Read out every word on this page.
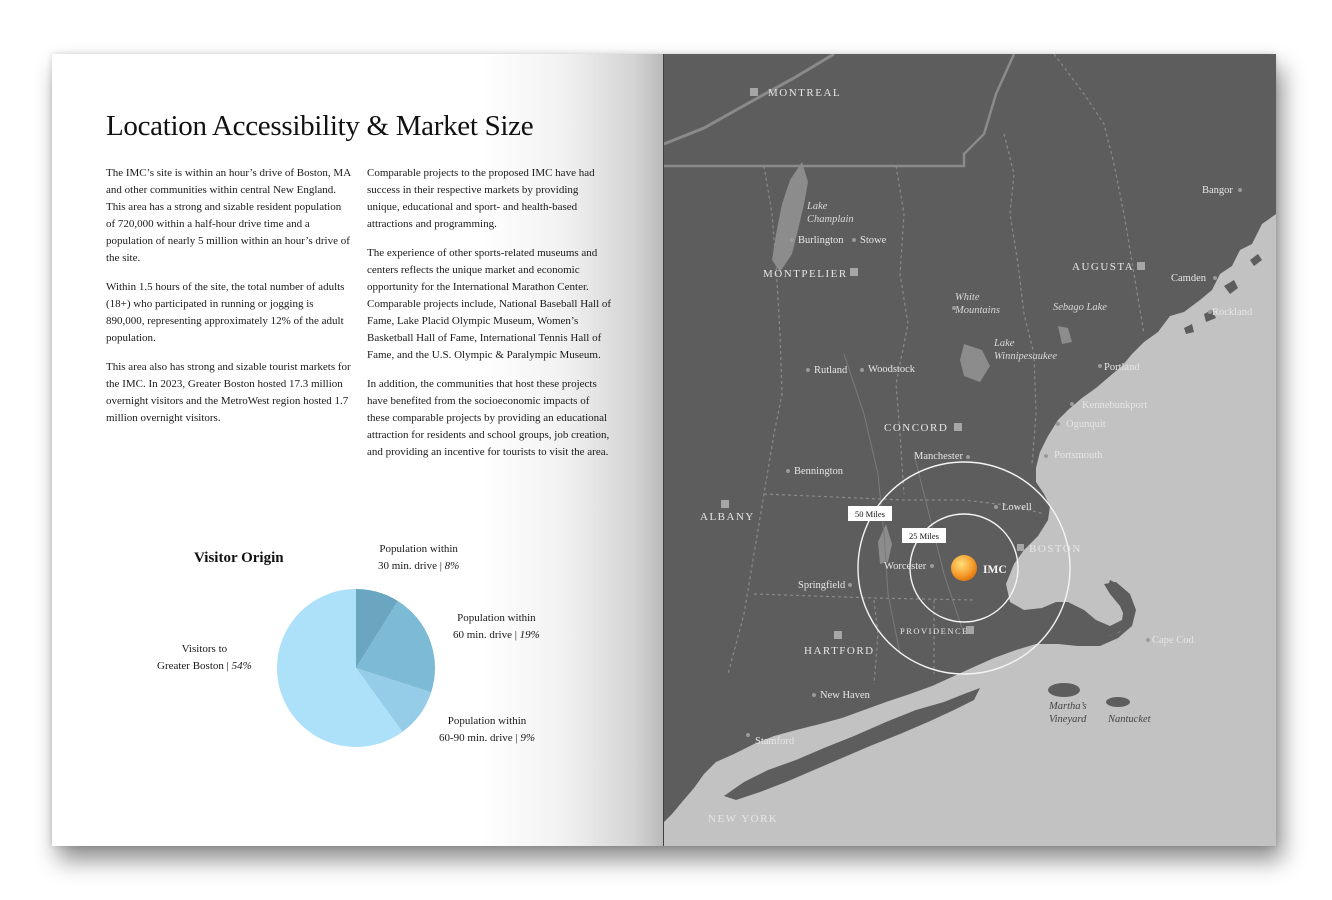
Location Accessibility & Market Size

The IMC’s site is within an hour’s drive of Boston, MA and other communities within central New England. This area has a strong and sizable resident population of 720,000 within a half-hour drive time and a population of nearly 5 million within an hour’s drive of the site.

Within 1.5 hours of the site, the total number of adults (18+) who participated in running or jogging is 890,000, representing approximately 12% of the adult population.

This area also has strong and sizable tourist markets for the IMC. In 2023, Greater Boston hosted 17.3 million overnight visitors and the MetroWest region hosted 1.7 million overnight visitors.

Comparable projects to the proposed IMC have had success in their respective markets by providing unique, educational and sport- and health-based attractions and programming.

The experience of other sports-related museums and centers reflects the unique market and economic opportunity for the International Marathon Center. Comparable projects include, National Baseball Hall of Fame, Lake Placid Olympic Museum, Women’s Basketball Hall of Fame, International Tennis Hall of Fame, and the U.S. Olympic & Paralympic Museum.

In addition, the communities that host these projects have benefited from the socioeconomic impacts of these comparable projects by providing an educational attraction for residents and school groups, job creation, and providing an incentive for tourists to visit the area.

Visitor Origin
Population within
30 min. drive | 8%
Population within
60 min. drive | 19%
Population within
60-90 min. drive | 9%
Visitors to
Greater Boston | 54%
50 Miles
25 Miles
IMC
MONTREAL
MONTPELIER
AUGUSTA
CONCORD
ALBANY
BOSTON
PROVIDENCE
HARTFORD
NEW YORK
Bangor
Burlington Stowe
Camden
Rockland
Portland
Rutland Woodstock
Kennebunkport
Ogunquit
Manchester	Portsmouth
Bennington
Lowell
Worcester
Springfield
Cape Cod
New Haven
Stamford
Lake
Champlain
White
Mountains	Sebago Lake
Lake
Winnipesaukee
Martha’s
Vineyard Nantucket
